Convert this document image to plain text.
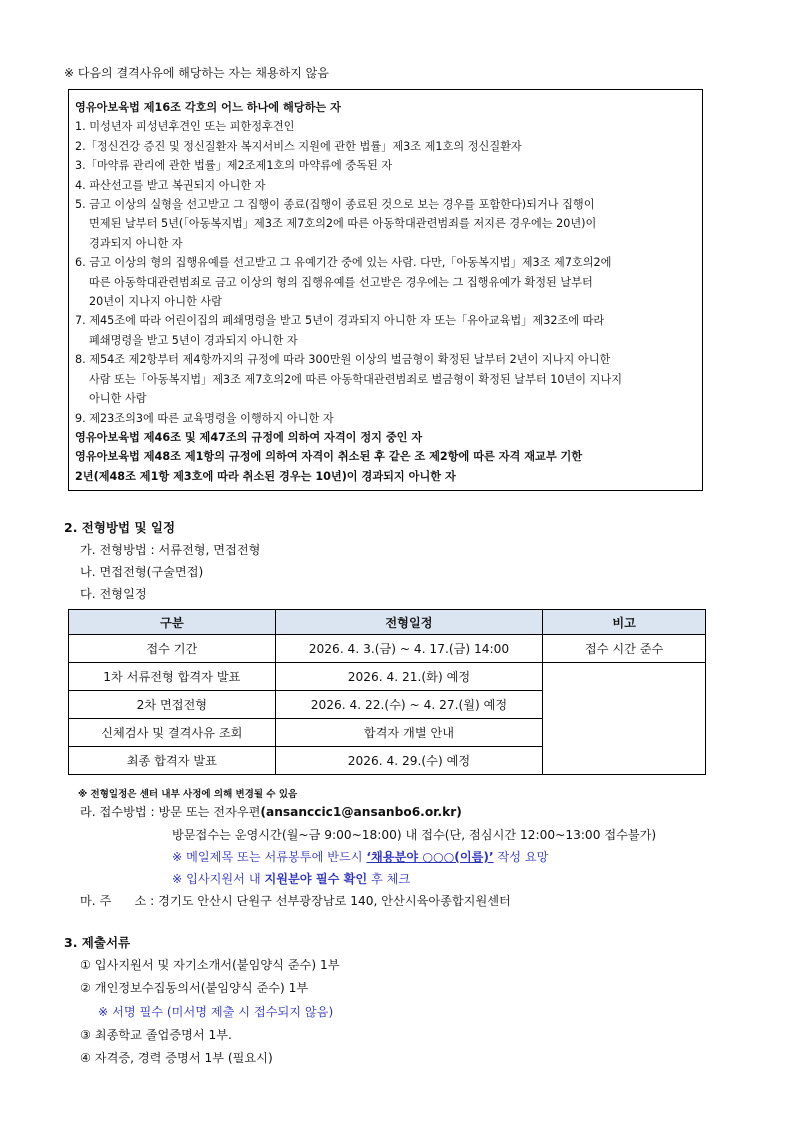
※ 다음의 결격사유에 해당하는 자는 채용하지 않음
영유아보육법 제16조 각호의 어느 하나에 해당하는 자
1. 미성년자 피성년후견인 또는 피한정후견인
2.「정신건강 증진 및 정신질환자 복지서비스 지원에 관한 법률」제3조 제1호의 정신질환자
3.「마약류 관리에 관한 법률」제2조제1호의 마약류에 중독된 자
4. 파산선고를 받고 복권되지 아니한 자
5. 금고 이상의 실형을 선고받고 그 집행이 종료(집행이 종료된 것으로 보는 경우를 포함한다)되거나 집행이
면제된 날부터 5년(「아동복지법」제3조 제7호의2에 따른 아동학대관련범죄를 저지른 경우에는 20년)이
경과되지 아니한 자
6. 금고 이상의 형의 집행유예를 선고받고 그 유예기간 중에 있는 사람. 다만,「아동복지법」제3조 제7호의2에
따른 아동학대관련범죄로 금고 이상의 형의 집행유예를 선고받은 경우에는 그 집행유예가 확정된 날부터
20년이 지나지 아니한 사람
7. 제45조에 따라 어린이집의 폐쇄명령을 받고 5년이 경과되지 아니한 자 또는「유아교육법」제32조에 따라
폐쇄명령을 받고 5년이 경과되지 아니한 자
8. 제54조 제2항부터 제4항까지의 규정에 따라 300만원 이상의 벌금형이 확정된 날부터 2년이 지나지 아니한
사람 또는「아동복지법」제3조 제7호의2에 따른 아동학대관련범죄로 벌금형이 확정된 날부터 10년이 지나지
아니한 사람
9. 제23조의3에 따른 교육명령을 이행하지 아니한 자
영유아보육법 제46조 및 제47조의 규정에 의하여 자격이 정지 중인 자
영유아보육법 제48조 제1항의 규정에 의하여 자격이 취소된 후 같은 조 제2항에 따른 자격 재교부 기한
2년(제48조 제1항 제3호에 따라 취소된 경우는 10년)이 경과되지 아니한 자
2. 전형방법 및 일정
가. 전형방법 : 서류전형, 면접전형
나. 면접전형(구술면접)
다. 전형일정
구분	전형일정	비고
접수 기간	2026. 4. 3.(금) ~ 4. 17.(금) 14:00	접수 시간 준수
1차 서류전형 합격자 발표	2026. 4. 21.(화) 예정	
2차 면접전형	2026. 4. 22.(수) ~ 4. 27.(월) 예정	
신체검사 및 결격사유 조회	합격자 개별 안내	
최종 합격자 발표	2026. 4. 29.(수) 예정	
※ 전형일정은 센터 내부 사정에 의해 변경될 수 있음
라. 접수방법 : 방문 또는 전자우편(ansanccic1@ansanbo6.or.kr)
방문접수는 운영시간(월~금 9:00~18:00) 내 접수(단, 점심시간 12:00~13:00 접수불가)
※ 메일제목 또는 서류봉투에 반드시 ‘채용분야 ○○○(이름)’ 작성 요망
※ 입사지원서 내 지원분야 필수 확인 후 체크
마. 주      소 : 경기도 안산시 단원구 선부광장남로 140, 안산시육아종합지원센터
3. 제출서류
① 입사지원서 및 자기소개서(붙임양식 준수) 1부
② 개인정보수집동의서(붙임양식 준수) 1부
※ 서명 필수 (미서명 제출 시 접수되지 않음)
③ 최종학교 졸업증명서 1부.
④ 자격증, 경력 증명서 1부 (필요시)
